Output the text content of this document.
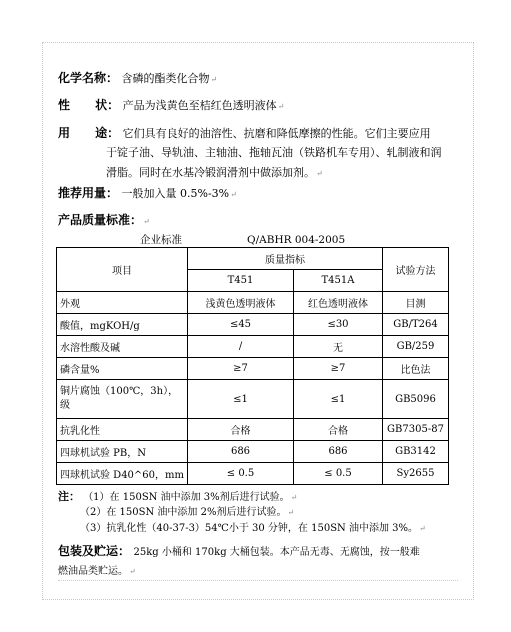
化学名称： 含磷的酯类化合物↵
性      状： 产品为浅黄色至桔红色透明液体↵
用      途： 它们具有良好的油溶性、抗磨和降低摩擦的性能。它们主要应用
于锭子油、导轨油、主轴油、拖轴瓦油（铁路机车专用）、轧制液和润
滑脂。同时在水基冷锻润滑剂中做添加剂。↵
推荐用量： 一般加入量 0.5%-3%↵
产品质量标准：↵
企业标准	Q/ABHR 004-2005
项目	质量指标		试验方法
	T451	T451A	
外观	浅黄色透明液体	红色透明液体	目测
酸值，mgKOH/g	≤45	≤30	GB/T264
水溶性酸及碱	/	无	GB/259
磷含量%	≥7	≥7	比色法
铜片腐蚀（100℃，3h），级	≤1	≤1	GB5096
抗乳化性	合格	合格	GB7305-87
四球机试验 PB，N	686	686	GB3142
四球机试验 D40^60，mm	≤ 0.5	≤ 0.5	Sy2655
注： （1）在 150SN 油中添加 3%剂后进行试验。↵
（2）在 150SN 油中添加 2%剂后进行试验。↵
（3）抗乳化性（40-37-3）54℃小于 30 分钟，在 150SN 油中添加 3%。↵
包装及贮运： 25kg 小桶和 170kg 大桶包装。本产品无毒、无腐蚀，按一般难
燃油品类贮运。↵
